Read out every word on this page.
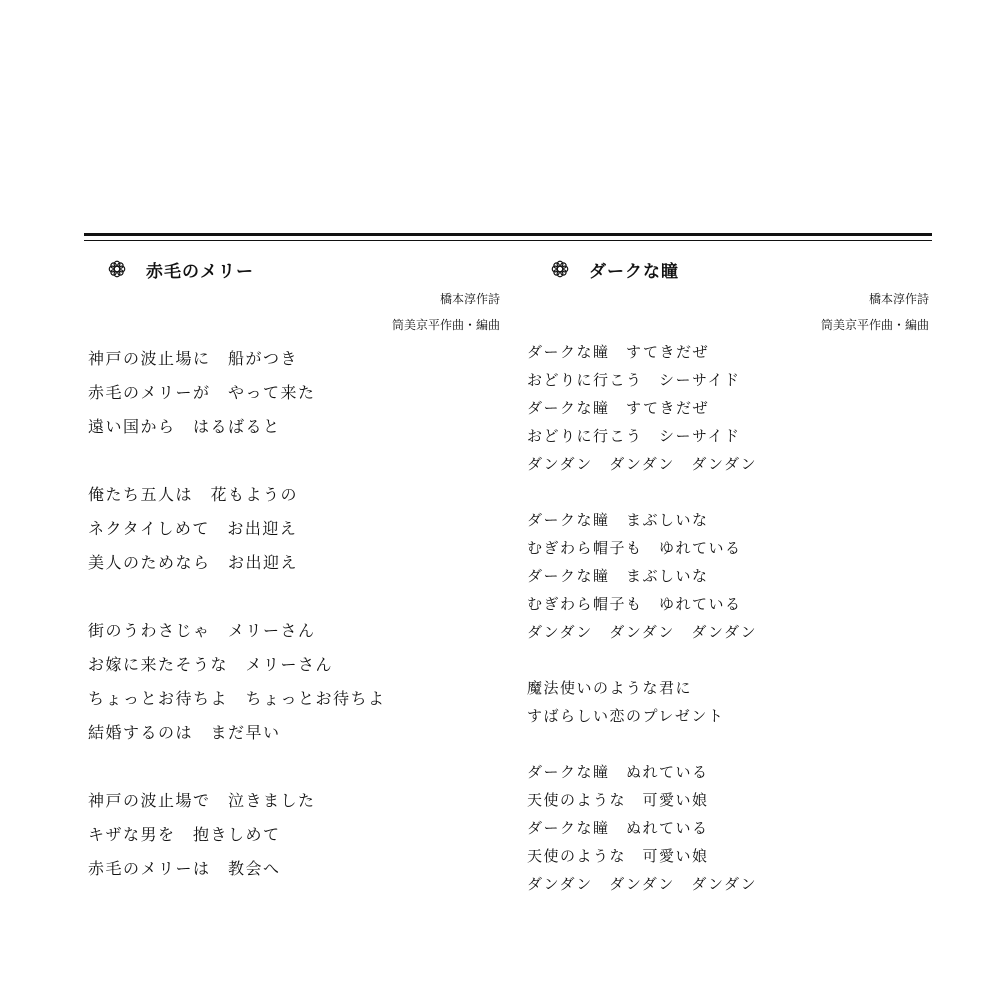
赤毛のメリー
橋本淳作詩
筒美京平作曲・編曲
神戸の波止場に　船がつき
赤毛のメリーが　やって来た
遠い国から　はるばると
俺たち五人は　花もようの
ネクタイしめて　お出迎え
美人のためなら　お出迎え
街のうわさじゃ　メリーさん
お嫁に来たそうな　メリーさん
ちょっとお待ちよ　ちょっとお待ちよ
結婚するのは　まだ早い
神戸の波止場で　泣きました
キザな男を　抱きしめて
赤毛のメリーは　教会へ
ダークな瞳
橋本淳作詩
筒美京平作曲・編曲
ダークな瞳　すてきだぜ
おどりに行こう　シーサイド
ダークな瞳　すてきだぜ
おどりに行こう　シーサイド
ダンダン　ダンダン　ダンダン
ダークな瞳　まぶしいな
むぎわら帽子も　ゆれている
ダークな瞳　まぶしいな
むぎわら帽子も　ゆれている
ダンダン　ダンダン　ダンダン
魔法使いのような君に
すばらしい恋のプレゼント
ダークな瞳　ぬれている
天使のような　可愛い娘
ダークな瞳　ぬれている
天使のような　可愛い娘
ダンダン　ダンダン　ダンダン
